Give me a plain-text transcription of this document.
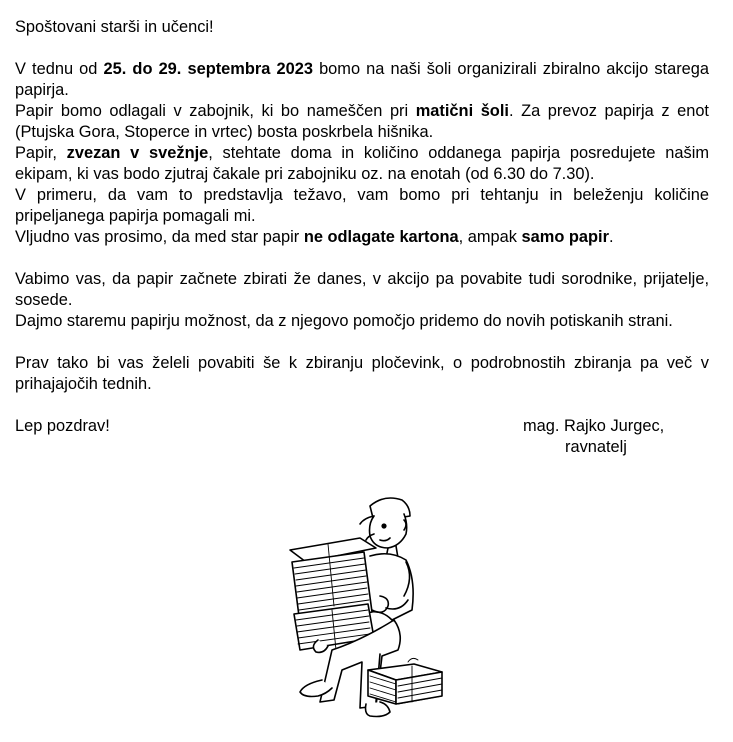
Spoštovani starši in učenci!

V tednu od 25. do 29. septembra 2023 bomo na naši šoli organizirali zbiralno akcijo starega papirja.

Papir bomo odlagali v zabojnik, ki bo nameščen pri matični šoli. Za prevoz papirja z enot (Ptujska Gora, Stoperce in vrtec) bosta poskrbela hišnika.

Papir, zvezan v svežnje, stehtate doma in količino oddanega papirja posredujete našim ekipam, ki vas bodo zjutraj čakale pri zabojniku oz. na enotah (od 6.30 do 7.30).

V primeru, da vam to predstavlja težavo, vam bomo pri tehtanju in beleženju količine pripeljanega papirja pomagali mi.

Vljudno vas prosimo, da med star papir ne odlagate kartona, ampak samo papir.

Vabimo vas, da papir začnete zbirati že danes, v akcijo pa povabite tudi sorodnike, prijatelje, sosede.

Dajmo staremu papirju možnost, da z njegovo pomočjo pridemo do novih potiskanih strani.

Prav tako bi vas želeli povabiti še k zbiranju pločevink, o podrobnostih zbiranja pa več v prihajajočih tednih.

Lep pozdrav!	mag. Rajko Jurgec,
ravnatelj
